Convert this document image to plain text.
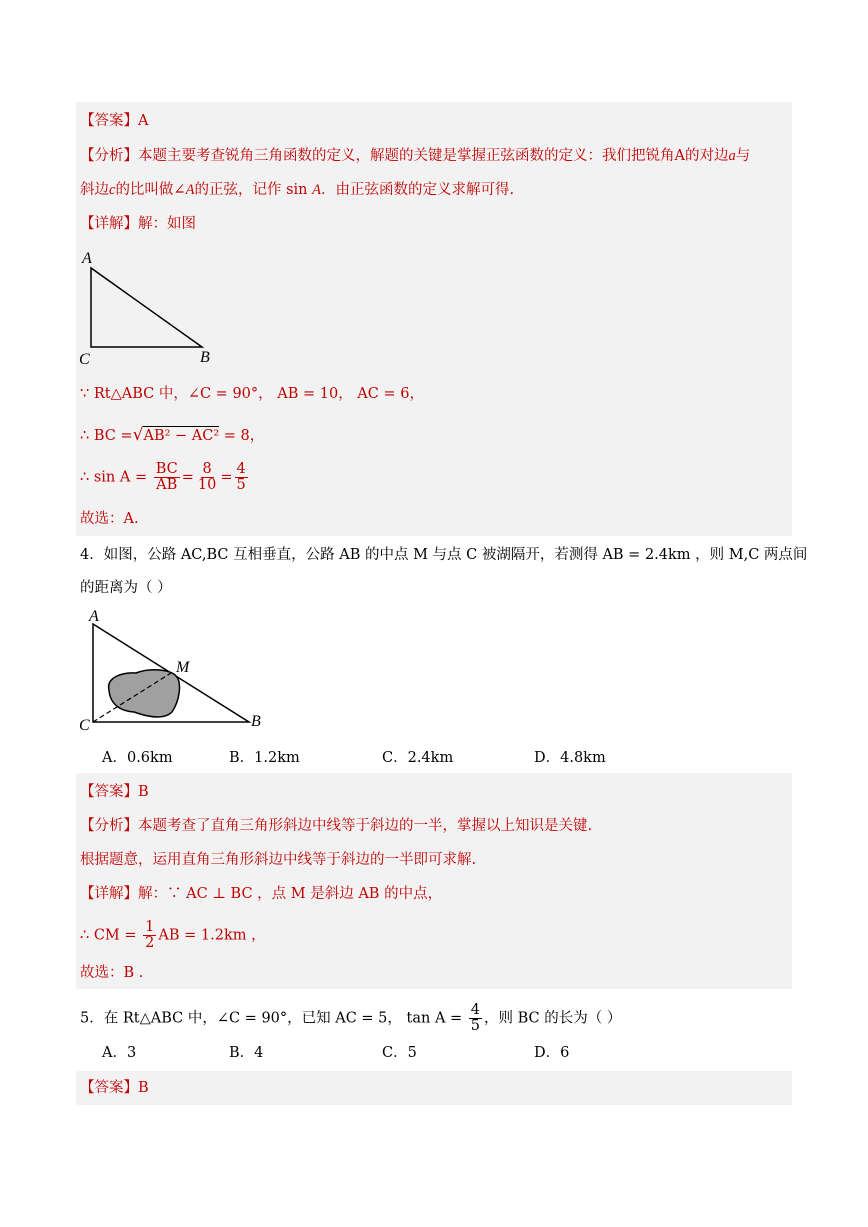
【答案】A
【分析】本题主要考查锐角三角函数的定义，解题的关键是掌握正弦函数的定义：我们把锐角A的对边a与
斜边c的比叫做∠A的正弦，记作 sin A．由正弦函数的定义求解可得.
【详解】解：如图
A
C	B
∵ Rt△ABC 中，∠C = 90°， AB = 10， AC = 6，
∴ BC =√AB² − AC² = 8，
∴ $\sin A = \frac{BC}{AB} = \frac{8}{10} = \frac{4}{5}$
故选：A.
4．如图，公路 AC,BC 互相垂直，公路 AB 的中点 M 与点 C 被湖隔开，若测得 AB = 2.4km ，则 M,C 两点间
的距离为（ ）
A
M
C	B
A．0.6km	B．1.2km	C．2.4km	D．4.8km
【答案】B
【分析】本题考查了直角三角形斜边中线等于斜边的一半，掌握以上知识是关键.
根据题意，运用直角三角形斜边中线等于斜边的一半即可求解.
【详解】解：∵ AC ⊥ BC ，点 M 是斜边 AB 的中点，
∴ CM = $\frac{1}{2}$ AB = 1.2km ，
故选：B .
5．在 Rt△ABC 中，∠C = 90°，已知 AC = 5， $\tan A = \frac{4}{5}$ ，则 BC 的长为（ ）
A．3	B．4	C．5	D．6
【答案】B
